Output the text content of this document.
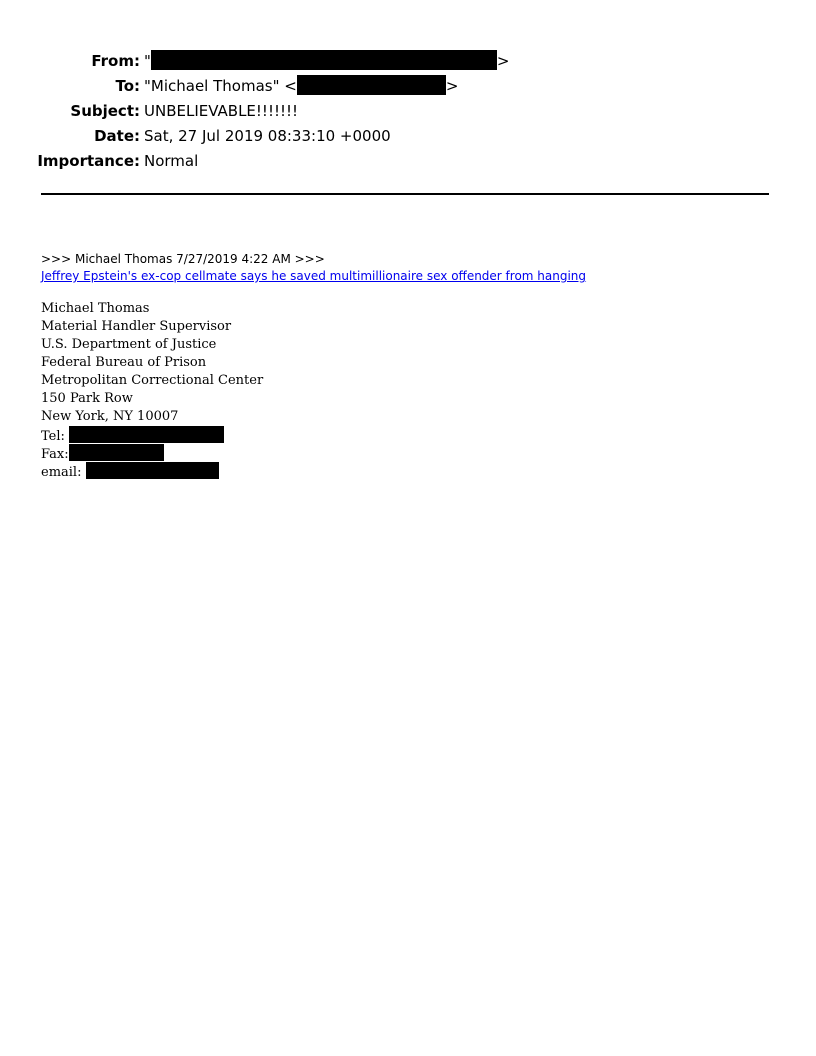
From: "	>
To: "Michael Thomas" <	>
Subject: UNBELIEVABLE!!!!!!!
Date: Sat, 27 Jul 2019 08:33:10 +0000
Importance: Normal
>>> Michael Thomas 7/27/2019 4:22 AM >>>
Jeffrey Epstein's ex-cop cellmate says he saved multimillionaire sex offender from hanging
Michael Thomas
Material Handler Supervisor
U.S. Department of Justice
Federal Bureau of Prison
Metropolitan Correctional Center
150 Park Row
New York, NY 10007
Tel:
Fax:
email:
